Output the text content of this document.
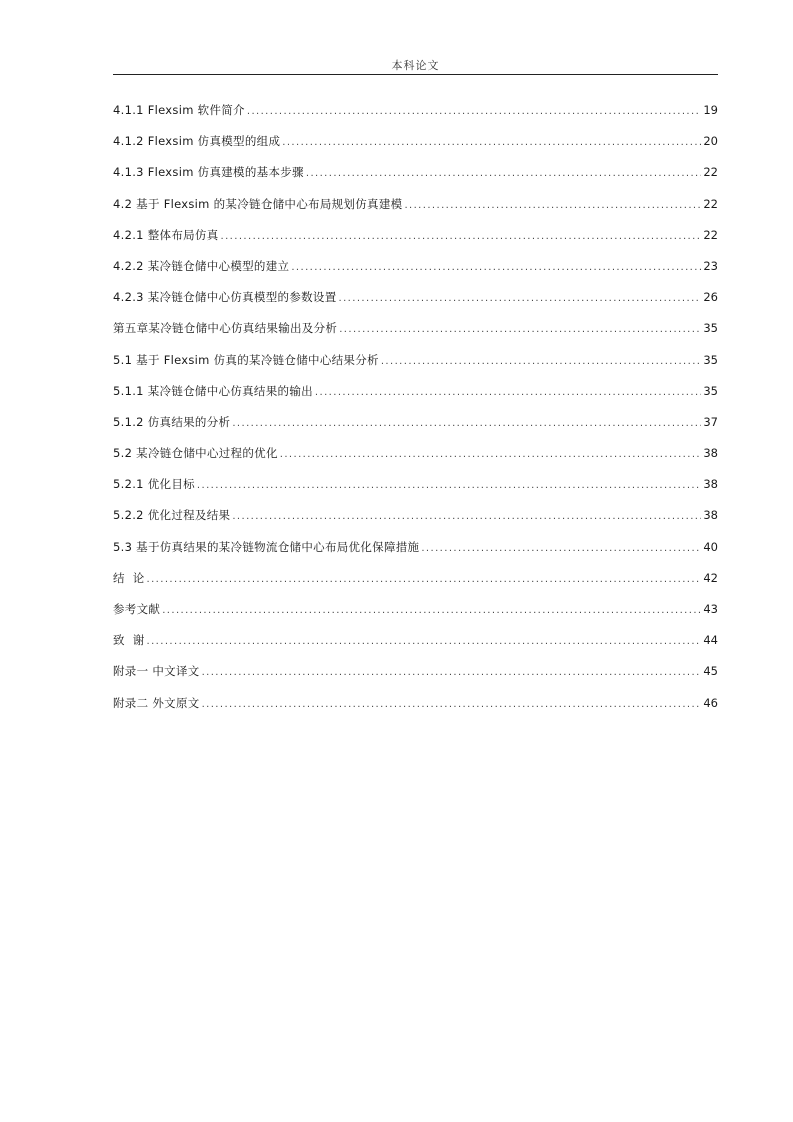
本科论文
4.1.1 Flexsim 软件简介 .....	19
4.1.2 Flexsim 仿真模型的组成 .....	20
4.1.3 Flexsim 仿真建模的基本步骤 .....	22
4.2 基于 Flexsim 的某冷链仓储中心布局规划仿真建模 .....	22
4.2.1 整体布局仿真 .....	22
4.2.2 某冷链仓储中心模型的建立 .....	23
4.2.3 某冷链仓储中心仿真模型的参数设置 .....	26
第五章某冷链仓储中心仿真结果输出及分析 .....	35
5.1 基于 Flexsim 仿真的某冷链仓储中心结果分析 .....	35
5.1.1 某冷链仓储中心仿真结果的输出 .....	35
5.1.2 仿真结果的分析 .....	37
5.2 某冷链仓储中心过程的优化 .....	38
5.2.1 优化目标 .....	38
5.2.2 优化过程及结果 .....	38
5.3 基于仿真结果的某冷链物流仓储中心布局优化保障措施 .....	40
结  论 .....	42
参考文献 .....	43
致  谢 .....	44
附录一 中文译文 .....	45
附录二 外文原文 .....	46
